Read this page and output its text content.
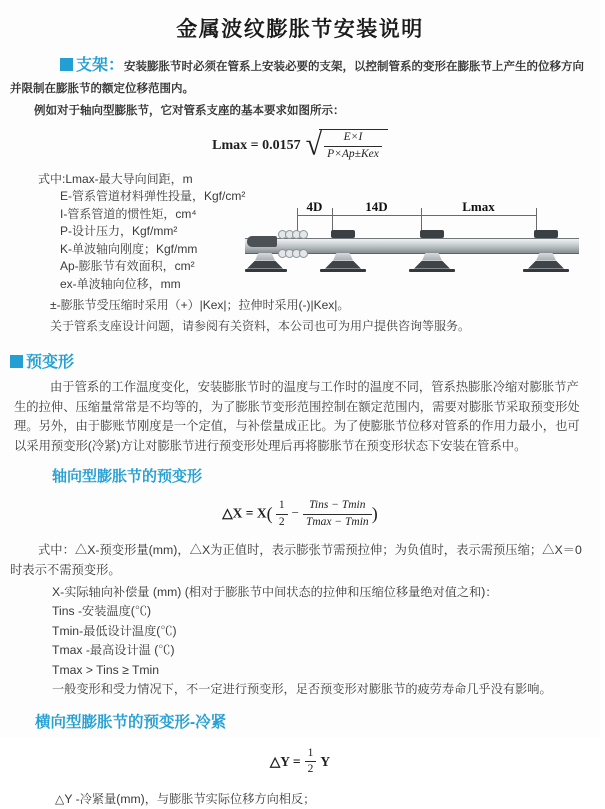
金属波纹膨胀节安装说明

支架：安装膨胀节时必须在管系上安装必要的支架，以控制管系的变形在膨胀节上产生的位移方向并限制在膨胀节的额定位移范围内。

例如对于轴向型膨胀节，它对管系支座的基本要求如图所示：

Lmax = 0.0157 √ $\frac{E\times I}{\text{P×Ap±Kex}}$
式中:Lmax-最大导向间距，m
E-管系管道材料弹性投量，Kgf/cm²
I-管系管道的惯性矩，cm⁴
P-设计压力，Kgf/mm²
K-单波轴向刚度；Kgf/mm
Ap-膨胀节有效面积，cm²
ex-单波轴向位移，mm
±-膨胀节受压缩时采用（+）|Kex|；拉伸时采用(-)|Kex|。
关于管系支座设计问题，请参阅有关资料，本公司也可为用户提供咨询等服务。
4D	14D	Lmax
预变形

由于管系的工作温度变化，安装膨胀节时的温度与工作时的温度不同，管系热膨胀冷缩对膨胀节产生的拉伸、压缩量常常是不均等的，为了膨胀节变形范围控制在额定范围内，需要对膨胀节采取预变形处理。另外，由于膨账节刚度是一个定值，与补偿量成正比。为了使膨胀节位移对管系的作用力最小，也可以采用预变形(冷紧)方让对膨胀节进行预变形处理后再将膨胀节在预变形状态下安装在管系中。

轴向型膨胀节的预变形
△X = $X( \frac{1}{2} - \frac{\text{Tins − Tmin}}{Tmax - Tmin}$ )

式中：△X-预变形量(mm)，△X为正值时，表示膨张节需预拉伸；为负值时，表示需预压缩；△X＝0时表示不需预变形。

X-实际轴向补偿量 (mm) (相对于膨胀节中间状态的拉伸和压缩位移量绝对值之和)：
Tins -安装温度(℃)
Tmin-最低设计温度(℃)
Tmax -最高设计温 (℃)
Tmax > Tins ≥ Tmin
一般变形和受力情况下，不一定进行预变形，足否预变形对膨胀节的疲劳寿命几乎没有影响。
横向型膨胀节的预变形-冷紧
△Y = $\frac{1}{2}$ Y
△Y -冷紧量(mm)，与膨胀节实际位移方向相反；
